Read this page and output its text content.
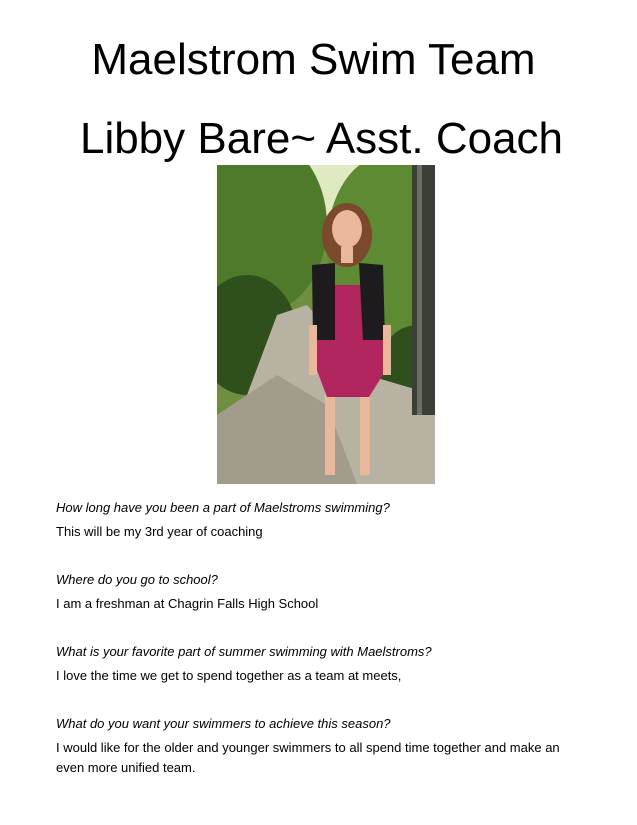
Maelstrom Swim Team
Libby Bare~ Asst. Coach

How long have you been a part of Maelstroms swimming?

This will be my 3rd year of coaching

Where do you go to school?

I am a freshman at Chagrin Falls High School

What is your favorite part of summer swimming with Maelstroms?

I love the time we get to spend together as a team at meets,

What do you want your swimmers to achieve this season?

I would like for the older and younger swimmers to all spend time together and make an even more unified team.
